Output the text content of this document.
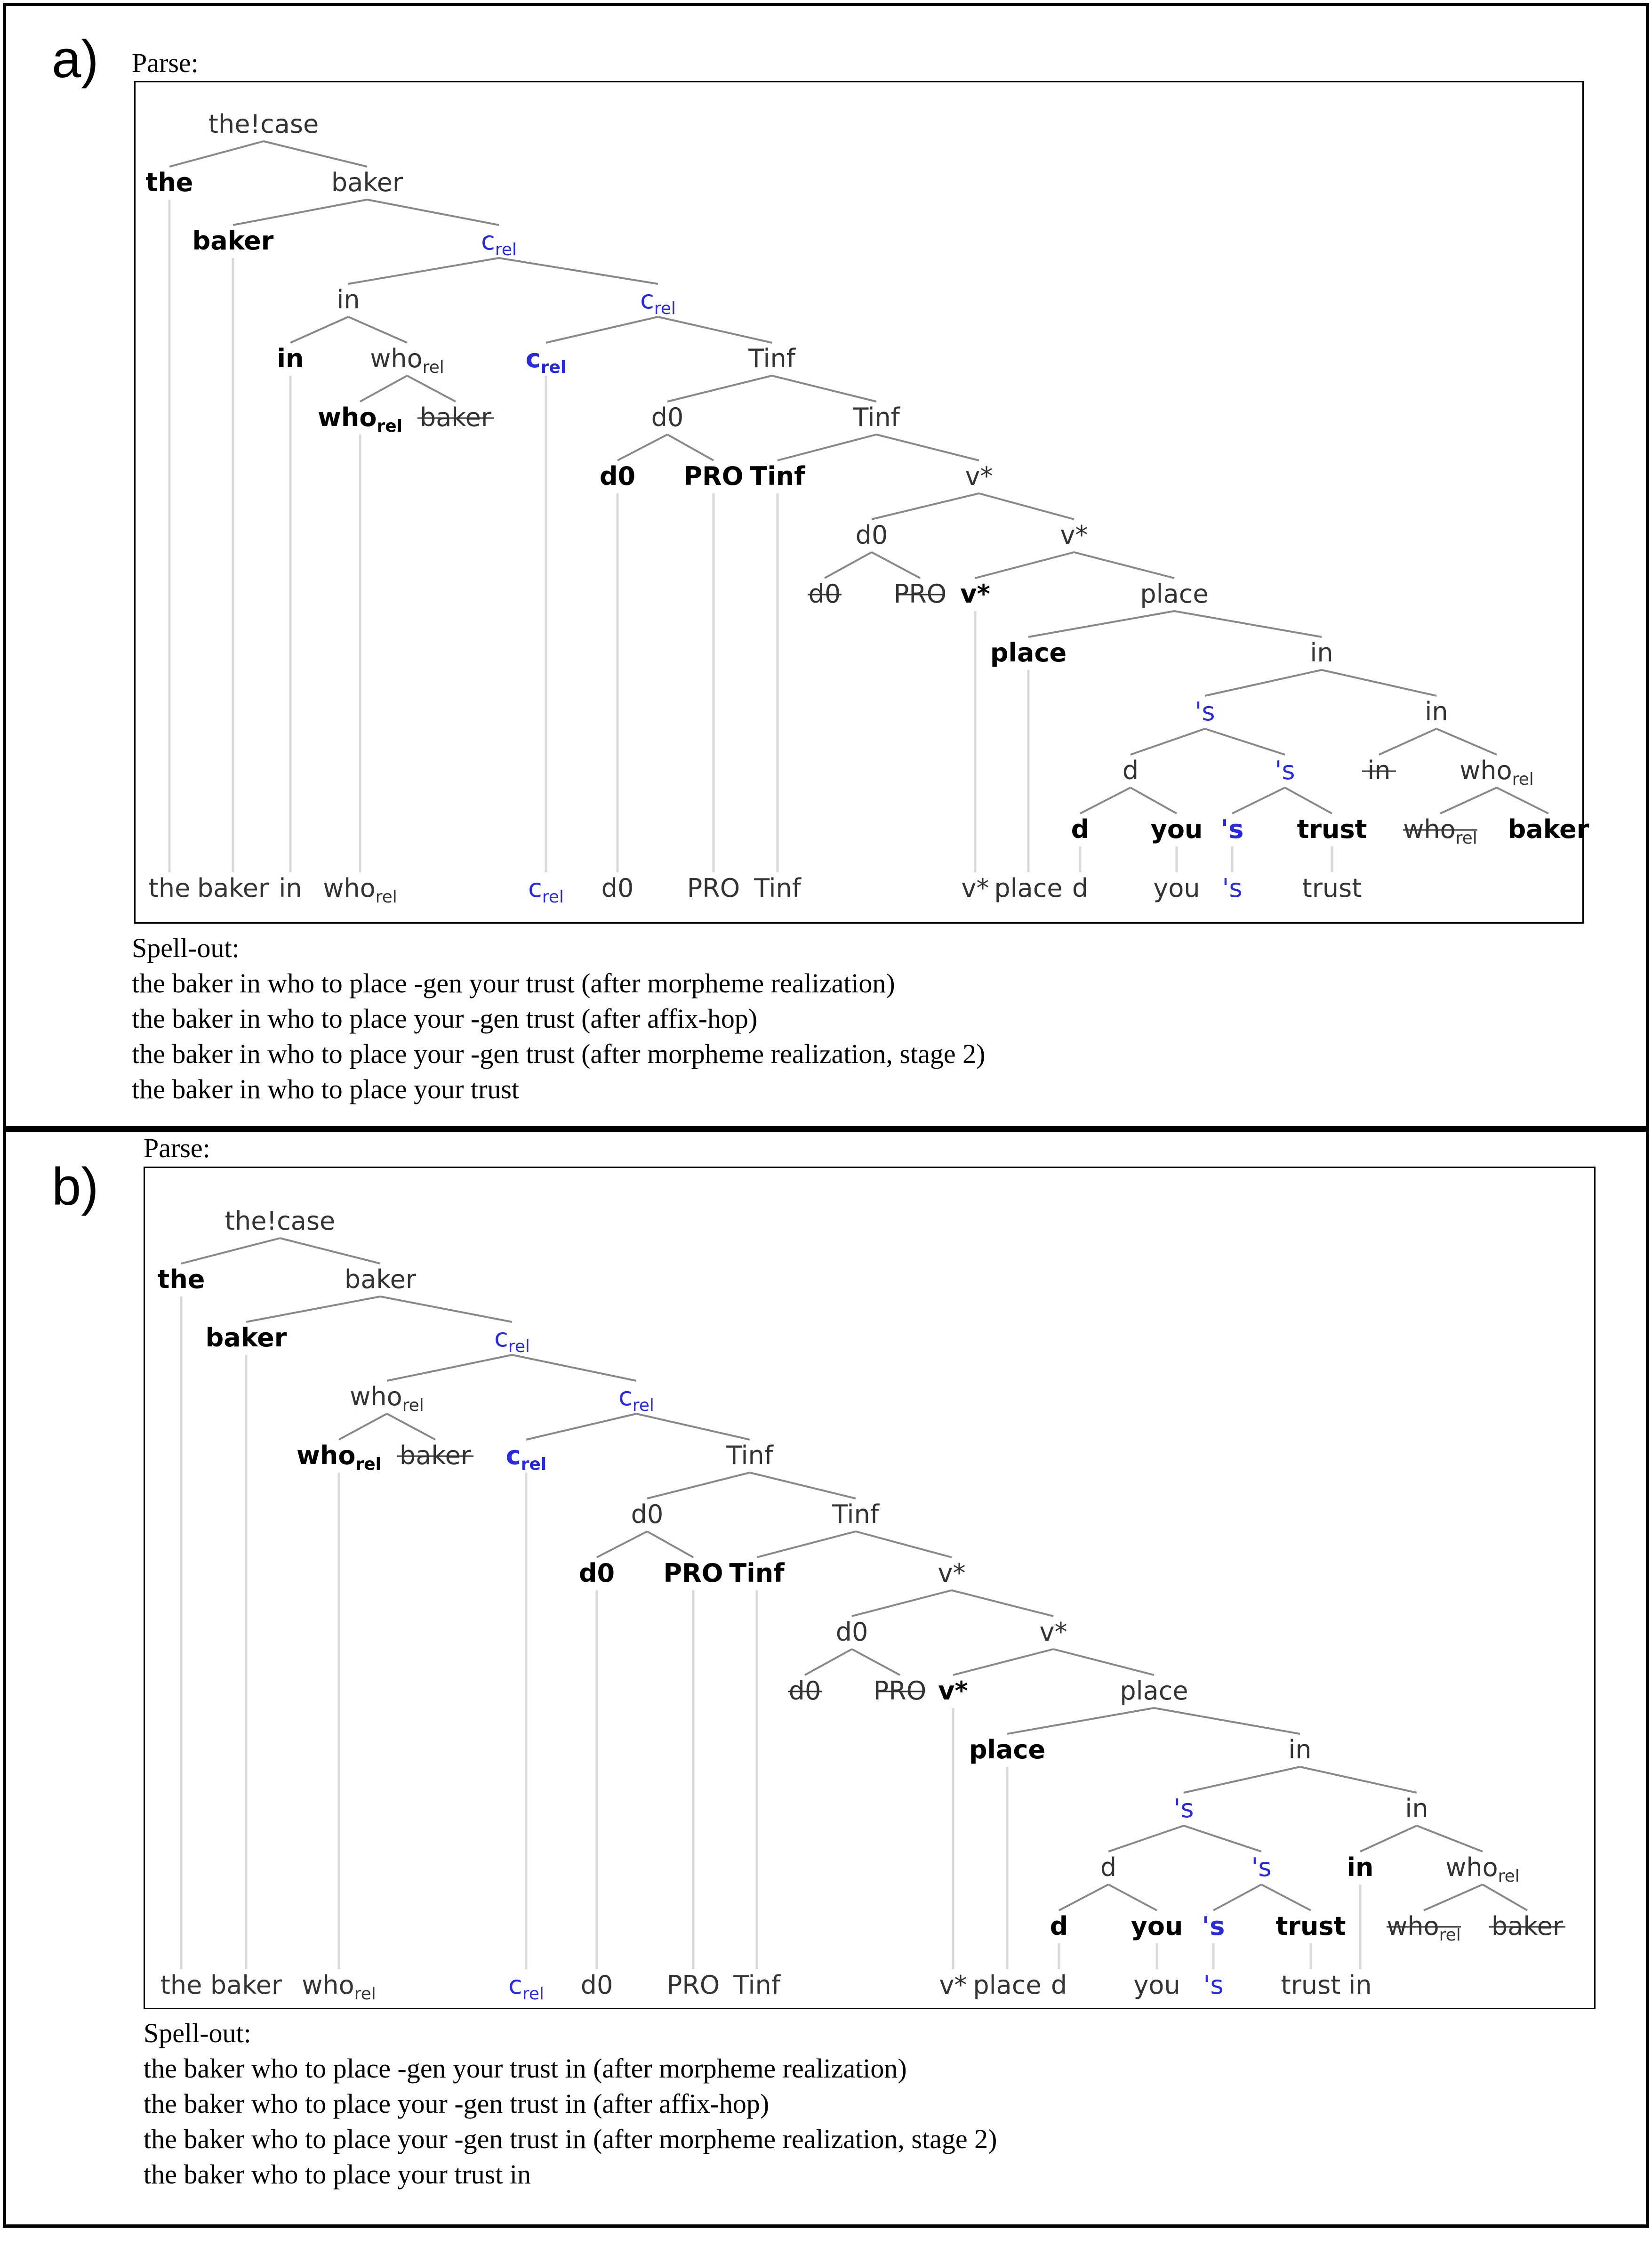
a) Parse:
the!case
the	baker
baker	$c_{rel}$
in	$c_{rel}$
in	who$_{rel}$	$c_{rel}$	Tinf
who$_{rel}$ baker	d0	Tinf
d0 PRO Tinf	v*
d0	v*
d0 PRO v*	place
place	in
's	in
d	's	in	who$_{rel}$
d you 's trust who$_{rel}$ baker
the baker in who$_{rel}$	$c_{rel}$ d0 PRO Tinf	v* place d	you 's trust
Spell-out:
the baker in who to place -gen your trust (after morpheme realization)
the baker in who to place your -gen trust (after affix-hop)
the baker in who to place your -gen trust (after morpheme realization, stage 2)
the baker in who to place your trust
b)
Parse:
the!case
the	baker
baker	$c_{rel}$
who$_{rel}$	$c_{rel}$
who$_{rel}$ baker $c_{rel}$	Tinf
d0	Tinf
d0 PRO Tinf	v*
d0	v*
d0 PRO v*	place
place	in
's	in
d	's	in	who$_{rel}$
d you 's trust who$_{rel}$ baker
the baker who$_{rel}$	$c_{rel}$ d0 PRO Tinf	v* place d	you 's trust in
Spell-out:
the baker who to place -gen your trust in (after morpheme realization)
the baker who to place your -gen trust in (after affix-hop)
the baker who to place your -gen trust in (after morpheme realization, stage 2)
the baker who to place your trust in
